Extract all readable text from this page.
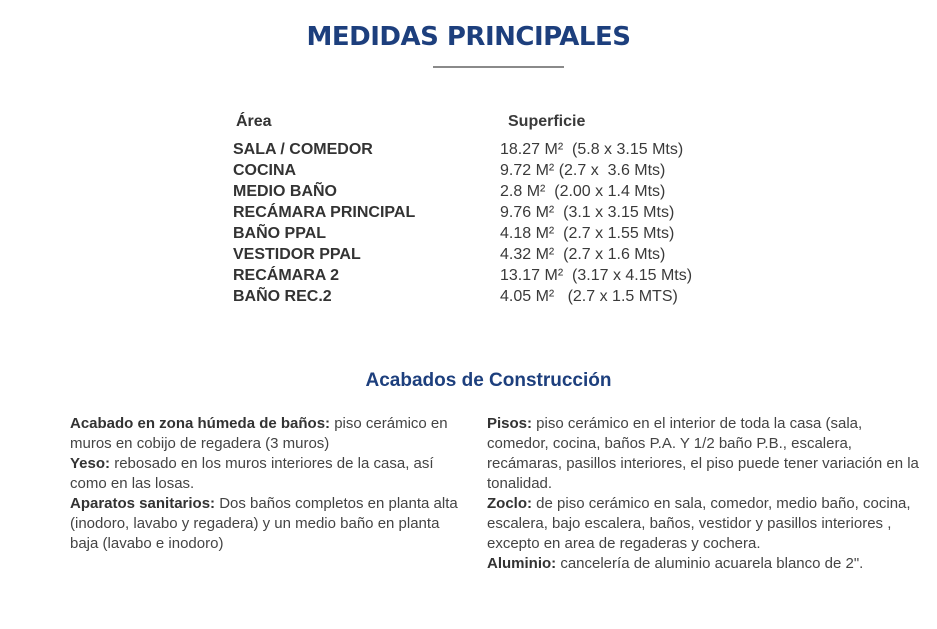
MEDIDAS PRINCIPALES
Área	Superficie
SALA / COMEDOR	18.27 M²  (5.8 x 3.15 Mts)
COCINA	9.72 M² (2.7 x  3.6 Mts)
MEDIO BAÑO	2.8 M²  (2.00 x 1.4 Mts)
RECÁMARA PRINCIPAL	9.76 M²  (3.1 x 3.15 Mts)
BAÑO PPAL	4.18 M²  (2.7 x 1.55 Mts)
VESTIDOR PPAL	4.32 M²  (2.7 x 1.6 Mts)
RECÁMARA 2	13.17 M²  (3.17 x 4.15 Mts)
BAÑO REC.2	4.05 M²   (2.7 x 1.5 MTS)
Acabados de Construcción

Acabado en zona húmeda de baños: piso cerámico en muros en cobijo de regadera (3 muros)

Yeso: rebosado en los muros interiores de la casa, así como en las losas.

Aparatos sanitarios: Dos baños completos en planta alta (inodoro, lavabo y regadera) y un medio baño en planta baja (lavabo e inodoro)

Pisos: piso cerámico en el interior de toda la casa (sala, comedor, cocina, baños P.A. Y 1/2 baño P.B., escalera, recámaras, pasillos interiores, el piso puede tener variación en la tonalidad.

Zoclo: de piso cerámico en sala, comedor, medio baño, cocina, escalera, bajo escalera, baños, vestidor y pasillos interiores , excepto en area de regaderas y cochera.

Aluminio: cancelería de aluminio acuarela blanco de 2".
